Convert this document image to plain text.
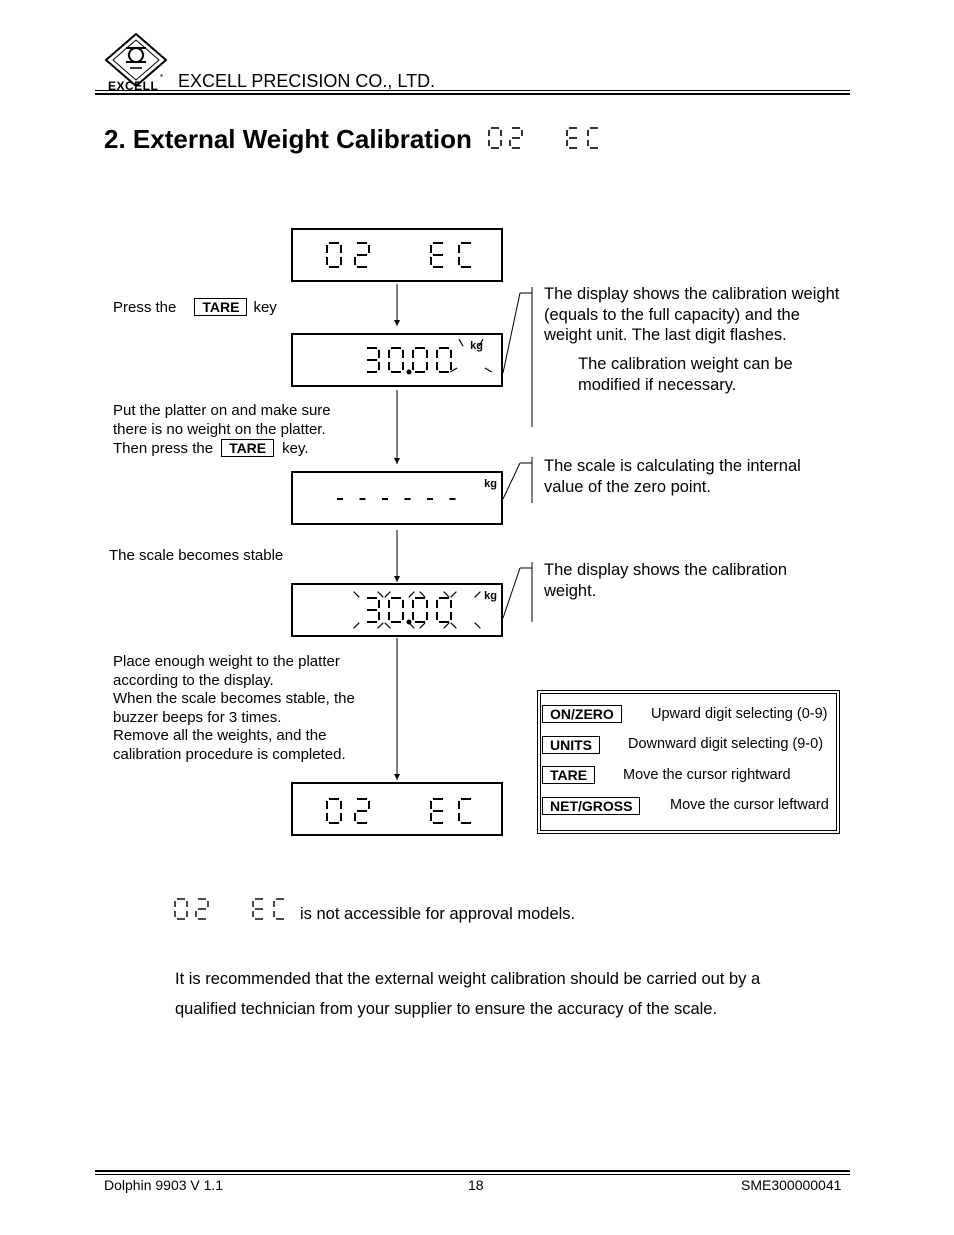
EXCELL
* EXCELL PRECISION CO., LTD.
2. External Weight Calibration
Press the TARE key
kg
The display shows the calibration weight (equals to the full capacity) and the weight unit. The last digit flashes.
The calibration weight can be modified if necessary.
Put the platter on and make sure
there is no weight on the platter.
Then press the TARE key.
kg
The scale is calculating the internal value of the zero point.
The scale becomes stable
kg
The display shows the calibration weight.
Place enough weight to the platter
according to the display.
When the scale becomes stable, the
buzzer beeps for 3 times.
Remove all the weights, and the
calibration procedure is completed.
ON/ZERO	Upward digit selecting (0-9)
UNITS	Downward digit selecting (9-0)
TARE	Move the cursor rightward
NET/GROSS	Move the cursor leftward
is not accessible for approval models.
It is recommended that the external weight calibration should be carried out by a
qualified technician from your supplier to ensure the accuracy of the scale.
Dolphin 9903 V 1.1	18	SME300000041
